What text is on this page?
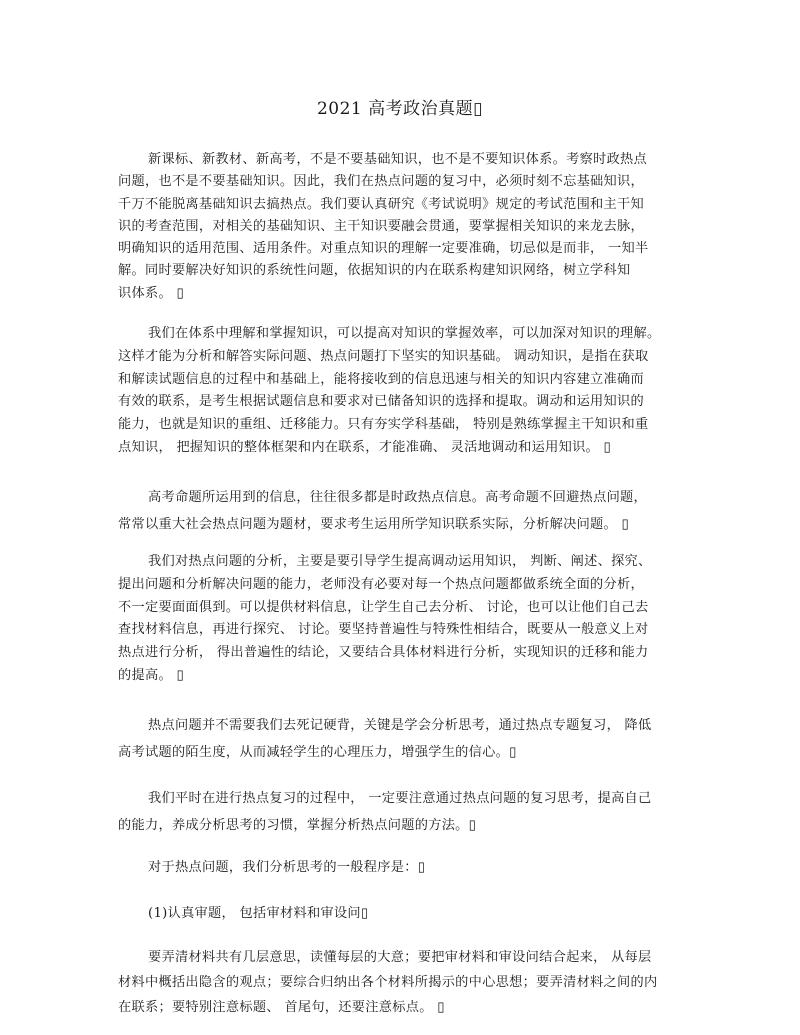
2021 高考政治真题▯
新课标、新教材、新高考，不是不要基础知识，也不是不要知识体系。考察时政热点
问题，也不是不要基础知识。因此，我们在热点问题的复习中，必须时刻不忘基础知识，
千万不能脱离基础知识去搞热点。我们要认真研究《考试说明》规定的考试范围和主干知
识的考查范围，对相关的基础知识、主干知识要融会贯通，要掌握相关知识的来龙去脉，
明确知识的适用范围、适用条件。对重点知识的理解一定要准确，切忌似是而非， 一知半
解。同时要解决好知识的系统性问题，依据知识的内在联系构建知识网络，树立学科知
识体系。 ▯
我们在体系中理解和掌握知识，可以提高对知识的掌握效率，可以加深对知识的理解。
这样才能为分析和解答实际问题、热点问题打下坚实的知识基础。 调动知识，是指在获取
和解读试题信息的过程中和基础上，能将接收到的信息迅速与相关的知识内容建立准确而
有效的联系，是考生根据试题信息和要求对已储备知识的选择和提取。调动和运用知识的
能力，也就是知识的重组、迁移能力。只有夯实学科基础， 特别是熟练掌握主干知识和重
点知识， 把握知识的整体框架和内在联系，才能准确、 灵活地调动和运用知识。 ▯
高考命题所运用到的信息，往往很多都是时政热点信息。高考命题不回避热点问题，
常常以重大社会热点问题为题材，要求考生运用所学知识联系实际，分析解决问题。 ▯
我们对热点问题的分析，主要是要引导学生提高调动运用知识， 判断、阐述、探究、
提出问题和分析解决问题的能力，老师没有必要对每一个热点问题都做系统全面的分析，
不一定要面面俱到。可以提供材料信息，让学生自己去分析、 讨论，也可以让他们自己去
查找材料信息，再进行探究、 讨论。要坚持普遍性与特殊性相结合，既要从一般意义上对
热点进行分析， 得出普遍性的结论，又要结合具体材料进行分析，实现知识的迁移和能力
的提高。 ▯
热点问题并不需要我们去死记硬背，关键是学会分析思考，通过热点专题复习， 降低
高考试题的陌生度，从而减轻学生的心理压力，增强学生的信心。▯
我们平时在进行热点复习的过程中， 一定要注意通过热点问题的复习思考，提高自己
的能力，养成分析思考的习惯，掌握分析热点问题的方法。▯
对于热点问题，我们分析思考的一般程序是：▯
(1)认真审题， 包括审材料和审设问▯
要弄清材料共有几层意思，读懂每层的大意；要把审材料和审设问结合起来， 从每层
材料中概括出隐含的观点；要综合归纳出各个材料所揭示的中心思想；要弄清材料之间的内
在联系；要特别注意标题、 首尾句，还要注意标点。 ▯
